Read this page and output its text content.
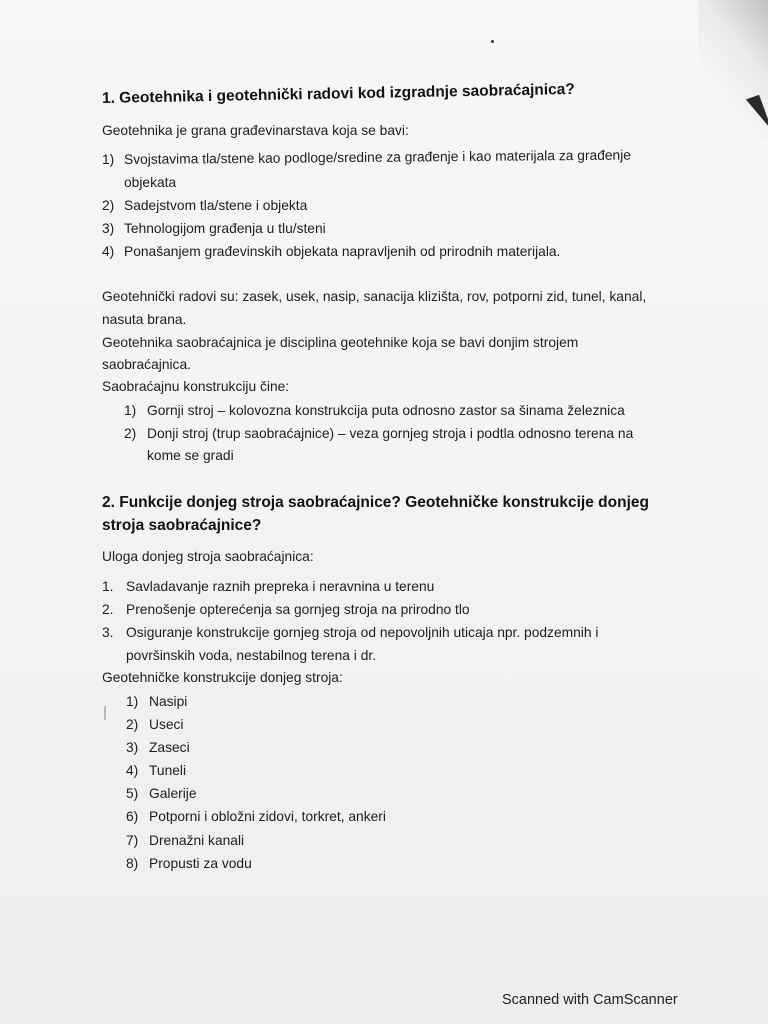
1. Geotehnika i geotehnički radovi kod izgradnje saobraćajnica?
Geotehnika je grana građevinarstava koja se bavi:
1) Svojstavima tla/stene kao podloge/sredine za građenje i kao materijala za građenje
objekata
2) Sadejstvom tla/stene i objekta
3) Tehnologijom građenja u tlu/steni
4) Ponašanjem građevinskih objekata napravljenih od prirodnih materijala.
Geotehnički radovi su: zasek, usek, nasip, sanacija klizišta, rov, potporni zid, tunel, kanal,
nasuta brana.
Geotehnika saobraćajnica je disciplina geotehnike koja se bavi donjim strojem
saobraćajnica.
Saobraćajnu konstrukciju čine:
1) Gornji stroj – kolovozna konstrukcija puta odnosno zastor sa šinama železnica
2) Donji stroj (trup saobraćajnice) – veza gornjeg stroja i podtla odnosno terena na
kome se gradi
2. Funkcije donjeg stroja saobraćajnice? Geotehničke konstrukcije donjeg
stroja saobraćajnice?
Uloga donjeg stroja saobraćajnica:
1. Savladavanje raznih prepreka i neravnina u terenu
2. Prenošenje opterećenja sa gornjeg stroja na prirodno tlo
3. Osiguranje konstrukcije gornjeg stroja od nepovoljnih uticaja npr. podzemnih i
površinskih voda, nestabilnog terena i dr.
Geotehničke konstrukcije donjeg stroja:
1) Nasipi
2) Useci
3) Zaseci
4) Tuneli
5) Galerije
6) Potporni i obložni zidovi, torkret, ankeri
7) Drenažni kanali
8) Propusti za vodu
Scanned with CamScanner
